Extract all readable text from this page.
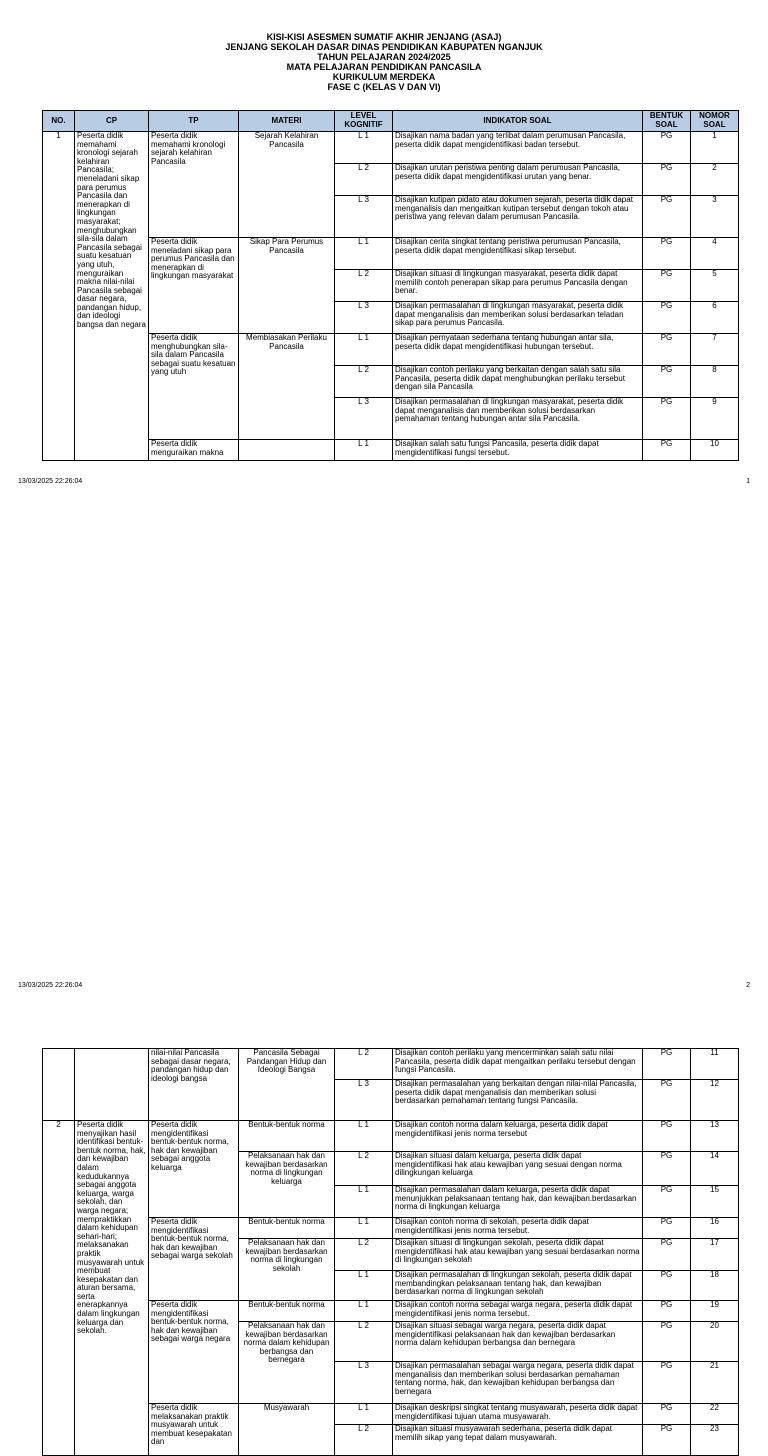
KISI-KISI ASESMEN SUMATIF AKHIR JENJANG (ASAJ)
JENJANG SEKOLAH DASAR DINAS PENDIDIKAN KABUPATEN NGANJUK
TAHUN PELAJARAN 2024/2025
MATA PELAJARAN PENDIDIKAN PANCASILA
KURIKULUM MERDEKA
FASE C (KELAS V DAN VI)
NO.	CP	TP	MATERI	LEVEL KOGNITIF	INDIKATOR SOAL	BENTUK SOAL	NOMOR SOAL
1	Peserta didik memahami kronologi sejarah kelahiran Pancasila; meneladani sikap para perumus Pancasila dan menerapkan di lingkungan masyarakat; menghubungkan sila-sila dalam Pancasila sebagai suatu kesatuan yang utuh, menguraikan makna nilai-nilai Pancasila sebagai dasar negara, pandangan hidup, dan ideologi bangsa dan negara	Peserta didik memahami kronologi sejarah kelahiran Pancasila	Sejarah Kelahiran Pancasila	L 1	Disajikan nama badan yang terlibat dalam perumusan Pancasila, peserta didik dapat mengidentifikasi badan tersebut.	PG	1
				L 2	Disajikan urutan peristiwa penting dalam perumusan Pancasila, peserta didik dapat mengidentifikasi urutan yang benar.	PG	2
				L 3	Disajikan kutipan pidato atau dokumen sejarah, peserta didik dapat menganalisis dan mengaitkan kutipan tersebut dengan tokoh atau peristiwa yang relevan dalam perumusan Pancasila.	PG	3
		Peserta didik meneladani sikap para perumus Pancasila dan menerapkan di lingkungan masyarakat	Sikap Para Perumus Pancasila	L 1	Disajikan cerita singkat tentang peristiwa perumusan Pancasila, peserta didik dapat mengidentifikasi sikap tersebut.	PG	4
				L 2	Disajikan situasi di lingkungan masyarakat, peserta didik dapat memilih contoh penerapan sikap para perumus Pancasila dengan benar.	PG	5
				L 3	Disajikan permasalahan di lingkungan masyarakat, peserta didik dapat menganalisis dan memberikan solusi berdasarkan teladan sikap para perumus Pancasila.	PG	6
		Peserta didik menghubungkan sila-sila dalam Pancasila sebagai suatu kesatuan yang utuh	Membiasakan Perilaku Pancasila	L 1	Disajikan pernyataan sederhana tentang hubungan antar sila, peserta didik dapat mengidentifikasi hubungan tersebut.	PG	7
				L 2	Disajikan contoh perilaku yang berkaitan dengan salah satu sila Pancasila, peserta didik dapat menghubungkan perilaku tersebut dengan sila Pancasila	PG	8
				L 3	Disajikan permasalahan di lingkungan masyarakat, peserta didik dapat menganalisis dan memberikan solusi berdasarkan pemahaman tentang hubungan antar sila Pancasila.	PG	9
		Peserta didik menguraikan makna		L 1	Disajikan salah satu fungsi Pancasila, peserta didik dapat mengidentifikasi fungsi tersebut.	PG	10
13/03/2025 22:26:04	1
		nilai-nilai Pancasila sebagai dasar negara, pandangan hidup dan ideologi bangsa	Pancasila Sebagai Pandangan Hidup dan Ideologi Bangsa	L 2	Disajikan contoh perilaku yang mencerminkan salah satu nilai Pancasila, peserta didik dapat mengaitkan perilaku tersebut dengan fungsi Pancasila.	PG	11
				L 3	Disajikan permasalahan yang berkaitan dengan nilai-nilai Pancasila, peserta didik dapat menganalisis dan memberikan solusi berdasarkan pemahaman tentang fungsi Pancasila.	PG	12
2	Peserta didik menyajikan hasil identifikasi bentuk-bentuk norma, hak, dan kewajiban dalam kedudukannya sebagai anggota keluarga, warga sekolah, dan warga negara; mempraktikkan dalam kehidupan sehari-hari; melaksanakan praktik musyawarah untuk membuat kesepakatan dan aturan bersama, serta enerapkannya dalam lingkungan keluarga dan sekolah.	Peserta didik mengidentifikasi bentuk-bentuk norma, hak dan kewajiban sebagai anggota keluarga	Bentuk-bentuk norma	L 1	Disajikan contoh norma dalam keluarga, peserta didik dapat mengidentifikasi jenis norma tersebut	PG	13
			Pelaksanaan hak dan kewajiban berdasarkan norma di lingkungan keluarga	L 2	Disajikan situasi dalam keluarga, peserta didik dapat mengidentifikasi hak atau kewajiban yang sesuai dengan norma dilingkungan keluarga	PG	14
				L 1	Disajikan permasalahan dalam keluarga, peserta didik dapat menunjukkan pelaksanaan tentang hak, dan kewajiban.berdasarkan norma di lingkungan keluarga	PG	15
		Peserta didik mengidentifikasi bentuk-bentuk norma, hak dan kewajiban sebagai warga sekolah	Bentuk-bentuk norma	L 1	Disajikan contoh norma di sekolah, peserta didik dapat mengidentifikasi jenis norma tersebut.	PG	16
			Pelaksanaan hak dan kewajiban berdasarkan norma di lingkungan sekolah	L 2	Disajikan situasi di lingkungan sekolah, peserta didik dapat mengidentifikasi hak atau kewajiban yang sesuai berdasarkan norma di lingkungan sekolah	PG	17
				L 1	Disajikan permasalahan di lingkungan sekolah, peserta didik dapat membandingkan pelaksanaan tentang hak, dan kewajiban berdasarkan norma di lingkungan sekolah	PG	18
		Peserta didik mengidentifikasi bentuk-bentuk norma, hak dan kewajiban sebagai warga negara	Bentuk-bentuk norma	L 1	Disajikan contoh norma sebagai warga negara, peserta didik dapat mengidentifikasi jenis norma tersebut.	PG	19
			Pelaksanaan hak dan kewajiban berdasarkan norma dalam kehidupan berbangsa dan bernegara	L 2	Disajikan situasi sebagai warga negara, peserta didik dapat mengidentifikasi pelaksanaan hak dan kewajiban berdasarkan norma dalam kehidupan berbangsa dan bernegara	PG	20
				L 3	Disajikan permasalahan sebagai warga negara, peserta didik dapat menganalisis dan memberikan solusi berdasarkan pemahaman tentang norma, hak, dan kewajiban kehidupan berbangsa dan bernegara	PG	21
		Peserta didik melaksanakan praktik musyawarah untuk membuat kesepakatan dan	Musyawarah	L 1	Disajikan deskripsi singkat tentang musyawarah, peserta didik dapat mengidentifikasi tujuan utama musyawarah.	PG	22
				L 2	Disajikan situasi musyawarah sederhana, peserta didik dapat memilih sikap yang tepat dalam musyawarah.	PG	23
13/03/2025 22:26:04	2
